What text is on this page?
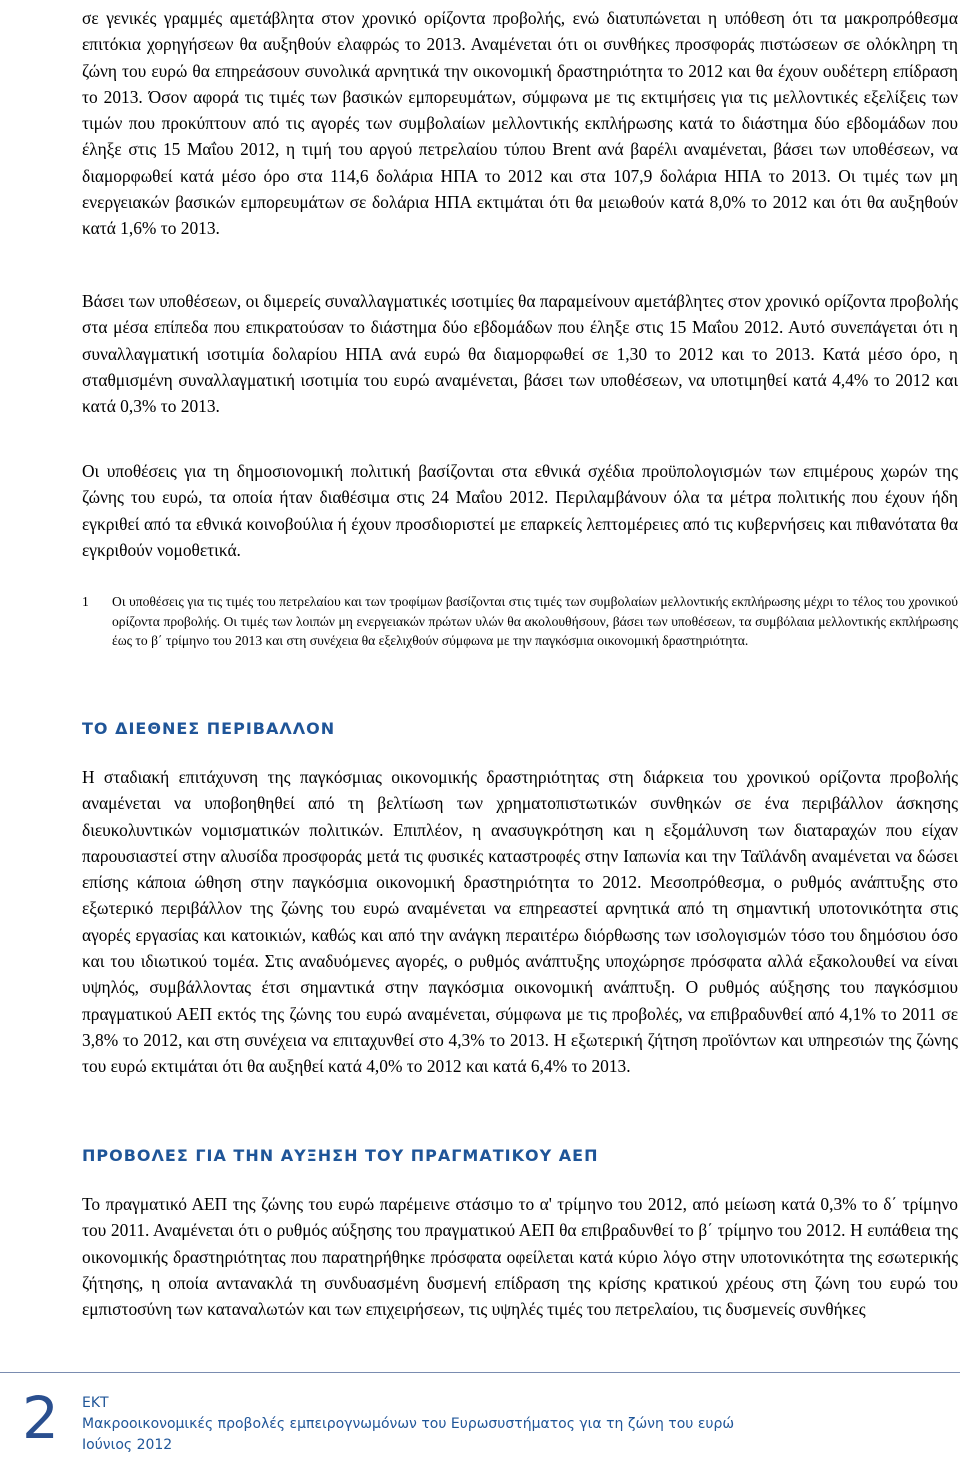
σε γενικές γραμμές αμετάβλητα στον χρονικό ορίζοντα προβολής, ενώ διατυπώνεται η υπόθεση ότι τα μακροπρόθεσμα επιτόκια χορηγήσεων θα αυξηθούν ελαφρώς το 2013. Αναμένεται ότι οι συνθήκες προσφοράς πιστώσεων σε ολόκληρη τη ζώνη του ευρώ θα επηρεάσουν συνολικά αρνητικά την οικονομική δραστηριότητα το 2012 και θα έχουν ουδέτερη επίδραση το 2013. Όσον αφορά τις τιμές των βασικών εμπορευμάτων, σύμφωνα με τις εκτιμήσεις για τις μελλοντικές εξελίξεις των τιμών που προκύπτουν από τις αγορές των συμβολαίων μελλοντικής εκπλήρωσης κατά το διάστημα δύο εβδομάδων που έληξε στις 15 Μαΐου 2012, η τιμή του αργού πετρελαίου τύπου Brent ανά βαρέλι αναμένεται, βάσει των υποθέσεων, να διαμορφωθεί κατά μέσο όρο στα 114,6 δολάρια ΗΠΑ το 2012 και στα 107,9 δολάρια ΗΠΑ το 2013. Οι τιμές των μη ενεργειακών βασικών εμπορευμάτων σε δολάρια ΗΠΑ εκτιμάται ότι θα μειωθούν κατά 8,0% το 2012 και ότι θα αυξηθούν κατά 1,6% το 2013.

Βάσει των υποθέσεων, οι διμερείς συναλλαγματικές ισοτιμίες θα παραμείνουν αμετάβλητες στον χρονικό ορίζοντα προβολής στα μέσα επίπεδα που επικρατούσαν το διάστημα δύο εβδομάδων που έληξε στις 15 Μαΐου 2012. Αυτό συνεπάγεται ότι η συναλλαγματική ισοτιμία δολαρίου ΗΠΑ ανά ευρώ θα διαμορφωθεί σε 1,30 το 2012 και το 2013. Κατά μέσο όρο, η σταθμισμένη συναλλαγματική ισοτιμία του ευρώ αναμένεται, βάσει των υποθέσεων, να υποτιμηθεί κατά 4,4% το 2012 και κατά 0,3% το 2013.

Οι υποθέσεις για τη δημοσιονομική πολιτική βασίζονται στα εθνικά σχέδια προϋπολογισμών των επιμέρους χωρών της ζώνης του ευρώ, τα οποία ήταν διαθέσιμα στις 24 Μαΐου 2012. Περιλαμβάνουν όλα τα μέτρα πολιτικής που έχουν ήδη εγκριθεί από τα εθνικά κοινοβούλια ή έχουν προσδιοριστεί με επαρκείς λεπτομέρειες από τις κυβερνήσεις και πιθανότατα θα εγκριθούν νομοθετικά.

1 Οι υποθέσεις για τις τιμές του πετρελαίου και των τροφίμων βασίζονται στις τιμές των συμβολαίων μελλοντικής εκπλήρωσης μέχρι το τέλος του χρονικού ορίζοντα προβολής. Οι τιμές των λοιπών μη ενεργειακών πρώτων υλών θα ακολουθήσουν, βάσει των υποθέσεων, τα συμβόλαια μελλοντικής εκπλήρωσης έως το β΄ τρίμηνο του 2013 και στη συνέχεια θα εξελιχθούν σύμφωνα με την παγκόσμια οικονομική δραστηριότητα.
ΤΟ ΔΙΕΘΝΕΣ ΠΕΡΙΒΑΛΛΟΝ

Η σταδιακή επιτάχυνση της παγκόσμιας οικονομικής δραστηριότητας στη διάρκεια του χρονικού ορίζοντα προβολής αναμένεται να υποβοηθηθεί από τη βελτίωση των χρηματοπιστωτικών συνθηκών σε ένα περιβάλλον άσκησης διευκολυντικών νομισματικών πολιτικών. Επιπλέον, η ανασυγκρότηση και η εξομάλυνση των διαταραχών που είχαν παρουσιαστεί στην αλυσίδα προσφοράς μετά τις φυσικές καταστροφές στην Ιαπωνία και την Ταϊλάνδη αναμένεται να δώσει επίσης κάποια ώθηση στην παγκόσμια οικονομική δραστηριότητα το 2012. Μεσοπρόθεσμα, ο ρυθμός ανάπτυξης στο εξωτερικό περιβάλλον της ζώνης του ευρώ αναμένεται να επηρεαστεί αρνητικά από τη σημαντική υποτονικότητα στις αγορές εργασίας και κατοικιών, καθώς και από την ανάγκη περαιτέρω διόρθωσης των ισολογισμών τόσο του δημόσιου όσο και του ιδιωτικού τομέα. Στις αναδυόμενες αγορές, ο ρυθμός ανάπτυξης υποχώρησε πρόσφατα αλλά εξακολουθεί να είναι υψηλός, συμβάλλοντας έτσι σημαντικά στην παγκόσμια οικονομική ανάπτυξη. Ο ρυθμός αύξησης του παγκόσμιου πραγματικού ΑΕΠ εκτός της ζώνης του ευρώ αναμένεται, σύμφωνα με τις προβολές, να επιβραδυνθεί από 4,1% το 2011 σε 3,8% το 2012, και στη συνέχεια να επιταχυνθεί στο 4,3% το 2013. Η εξωτερική ζήτηση προϊόντων και υπηρεσιών της ζώνης του ευρώ εκτιμάται ότι θα αυξηθεί κατά 4,0% το 2012 και κατά 6,4% το 2013.

ΠΡΟΒΟΛΕΣ ΓΙΑ ΤΗΝ ΑΥΞΗΣΗ ΤΟΥ ΠΡΑΓΜΑΤΙΚΟΥ ΑΕΠ

Το πραγματικό ΑΕΠ της ζώνης του ευρώ παρέμεινε στάσιμο το α' τρίμηνο του 2012, από μείωση κατά 0,3% το δ΄ τρίμηνο του 2011. Αναμένεται ότι ο ρυθμός αύξησης του πραγματικού ΑΕΠ θα επιβραδυνθεί το β΄ τρίμηνο του 2012. Η ευπάθεια της οικονομικής δραστηριότητας που παρατηρήθηκε πρόσφατα οφείλεται κατά κύριο λόγο στην υποτονικότητα της εσωτερικής ζήτησης, η οποία αντανακλά τη συνδυασμένη δυσμενή επίδραση της κρίσης κρατικού χρέους στη ζώνη του ευρώ του εμπιστοσύνη των καταναλωτών και των επιχειρήσεων, τις υψηλές τιμές του πετρελαίου, τις δυσμενείς συνθήκες

2 ΕΚΤ
Μακροοικονομικές προβολές εμπειρογνωμόνων του Ευρωσυστήματος για τη ζώνη του ευρώ
Ιούνιος 2012
